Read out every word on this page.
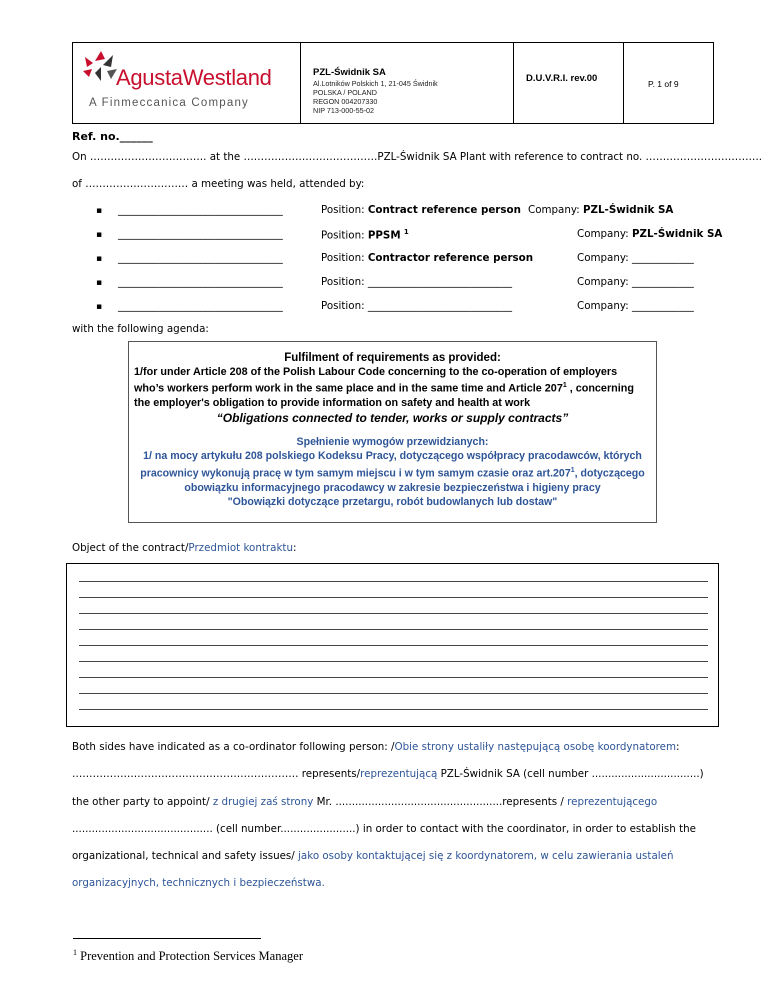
AgustaWestland
A Finmeccanica Company
PZL-Świdnik SA
Al.Lotników Polskich 1, 21-045 Świdnik
POLSKA / POLAND
REGON 004207330
NIP 713-000-55-02
D.U.V.R.I. rev.00	P. 1 of 9
Ref. no.______
On ……………………………. at the …………………………………PZL-Świdnik SA Plant with reference to contract no. …………………………….
of ………………………… a meeting was held, attended by:
▪ ________________________________	Position: Contract reference person Company: PZL-Świdnik SA
▪ ________________________________	Position: PPSM $^1$	Company: PZL-Świdnik SA
▪ ________________________________	Position: Contractor reference person	Company: ____________
▪ ________________________________	Position: ____________________________	Company: ____________
▪ ________________________________	Position: ____________________________	Company: ____________
with the following agenda:
Fulfilment of requirements as provided:
1/for under Article 208 of the Polish Labour Code concerning to the co-operation of employers
who’s workers perform work in the same place and in the same time and Article $207^1$ , concerning
the employer's obligation to provide information on safety and health at work
“Obligations connected to tender, works or supply contracts”
Spełnienie wymogów przewidzianych:
1/ na mocy artykułu 208 polskiego Kodeksu Pracy, dotyczącego współpracy pracodawców, których
pracownicy wykonują pracę w tym samym miejscu i w tym samym czasie oraz art.207$^1$, dotyczącego
obowiązku informacyjnego pracodawcy w zakresie bezpieczeństwa i higieny pracy
"Obowiązki dotyczące przetargu, robót budowlanych lub dostaw"
Object of the contract/Przedmiot kontraktu:
Both sides have indicated as a co-ordinator following person: /Obie strony ustaliły następującą osobę koordynatorem:
………………………………………………………… represents/reprezentującą PZL-Świdnik SA (cell number .................................)
the other party to appoint/ z drugiej zaś strony Mr. ...................................................represents / reprezentującego
........................................... (cell number.......................) in order to contact with the coordinator, in order to establish the
organizational, technical and safety issues/ jako osoby kontaktującej się z koordynatorem, w celu zawierania ustaleń
organizacyjnych, technicznych i bezpieczeństwa.
$^1$ Prevention and Protection Services Manager
